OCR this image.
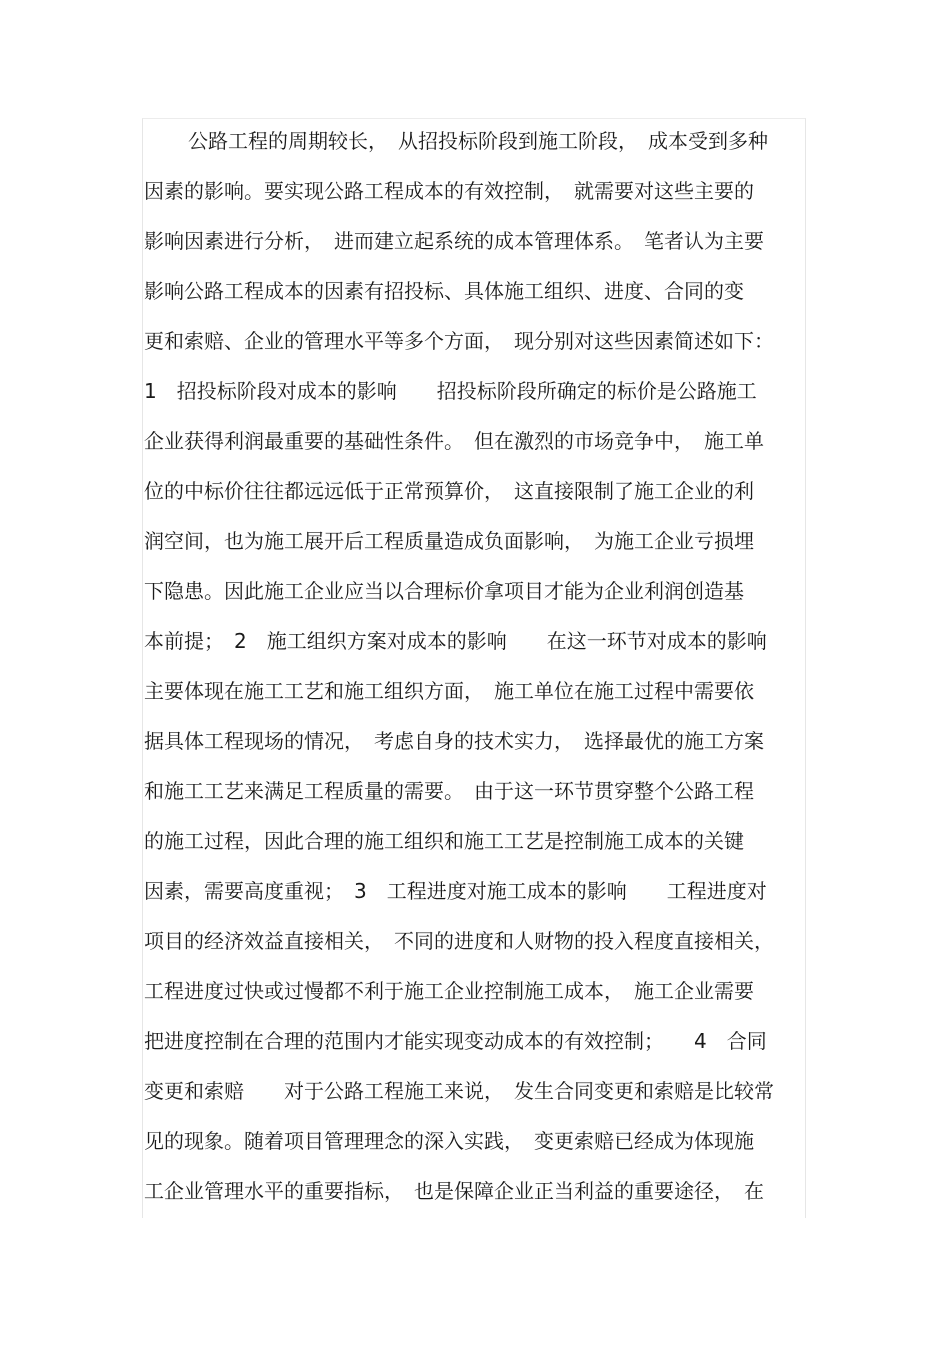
公路工程的周期较长，　从招投标阶段到施工阶段，　成本受到多种
因素的影响。要实现公路工程成本的有效控制，　就需要对这些主要的
影响因素进行分析，　进而建立起系统的成本管理体系。　笔者认为主要
影响公路工程成本的因素有招投标、具体施工组织、进度、合同的变
更和索赔、企业的管理水平等多个方面，　现分别对这些因素简述如下：
1　招投标阶段对成本的影响　　招投标阶段所确定的标价是公路施工
企业获得利润最重要的基础性条件。　但在激烈的市场竞争中，　施工单
位的中标价往往都远远低于正常预算价，　这直接限制了施工企业的利
润空间，也为施工展开后工程质量造成负面影响，　为施工企业亏损埋
下隐患。因此施工企业应当以合理标价拿项目才能为企业利润创造基
本前提；　2　施工组织方案对成本的影响　　在这一环节对成本的影响
主要体现在施工工艺和施工组织方面，　施工单位在施工过程中需要依
据具体工程现场的情况，　考虑自身的技术实力，　选择最优的施工方案
和施工工艺来满足工程质量的需要。　由于这一环节贯穿整个公路工程
的施工过程，因此合理的施工组织和施工工艺是控制施工成本的关键
因素，需要高度重视；　3　工程进度对施工成本的影响　　工程进度对
项目的经济效益直接相关，　不同的进度和人财物的投入程度直接相关，
工程进度过快或过慢都不利于施工企业控制施工成本，　施工企业需要
把进度控制在合理的范围内才能实现变动成本的有效控制；　　4　合同
变更和索赔　　对于公路工程施工来说，　发生合同变更和索赔是比较常
见的现象。随着项目管理理念的深入实践，　变更索赔已经成为体现施
工企业管理水平的重要指标，　也是保障企业正当利益的重要途径，　在
